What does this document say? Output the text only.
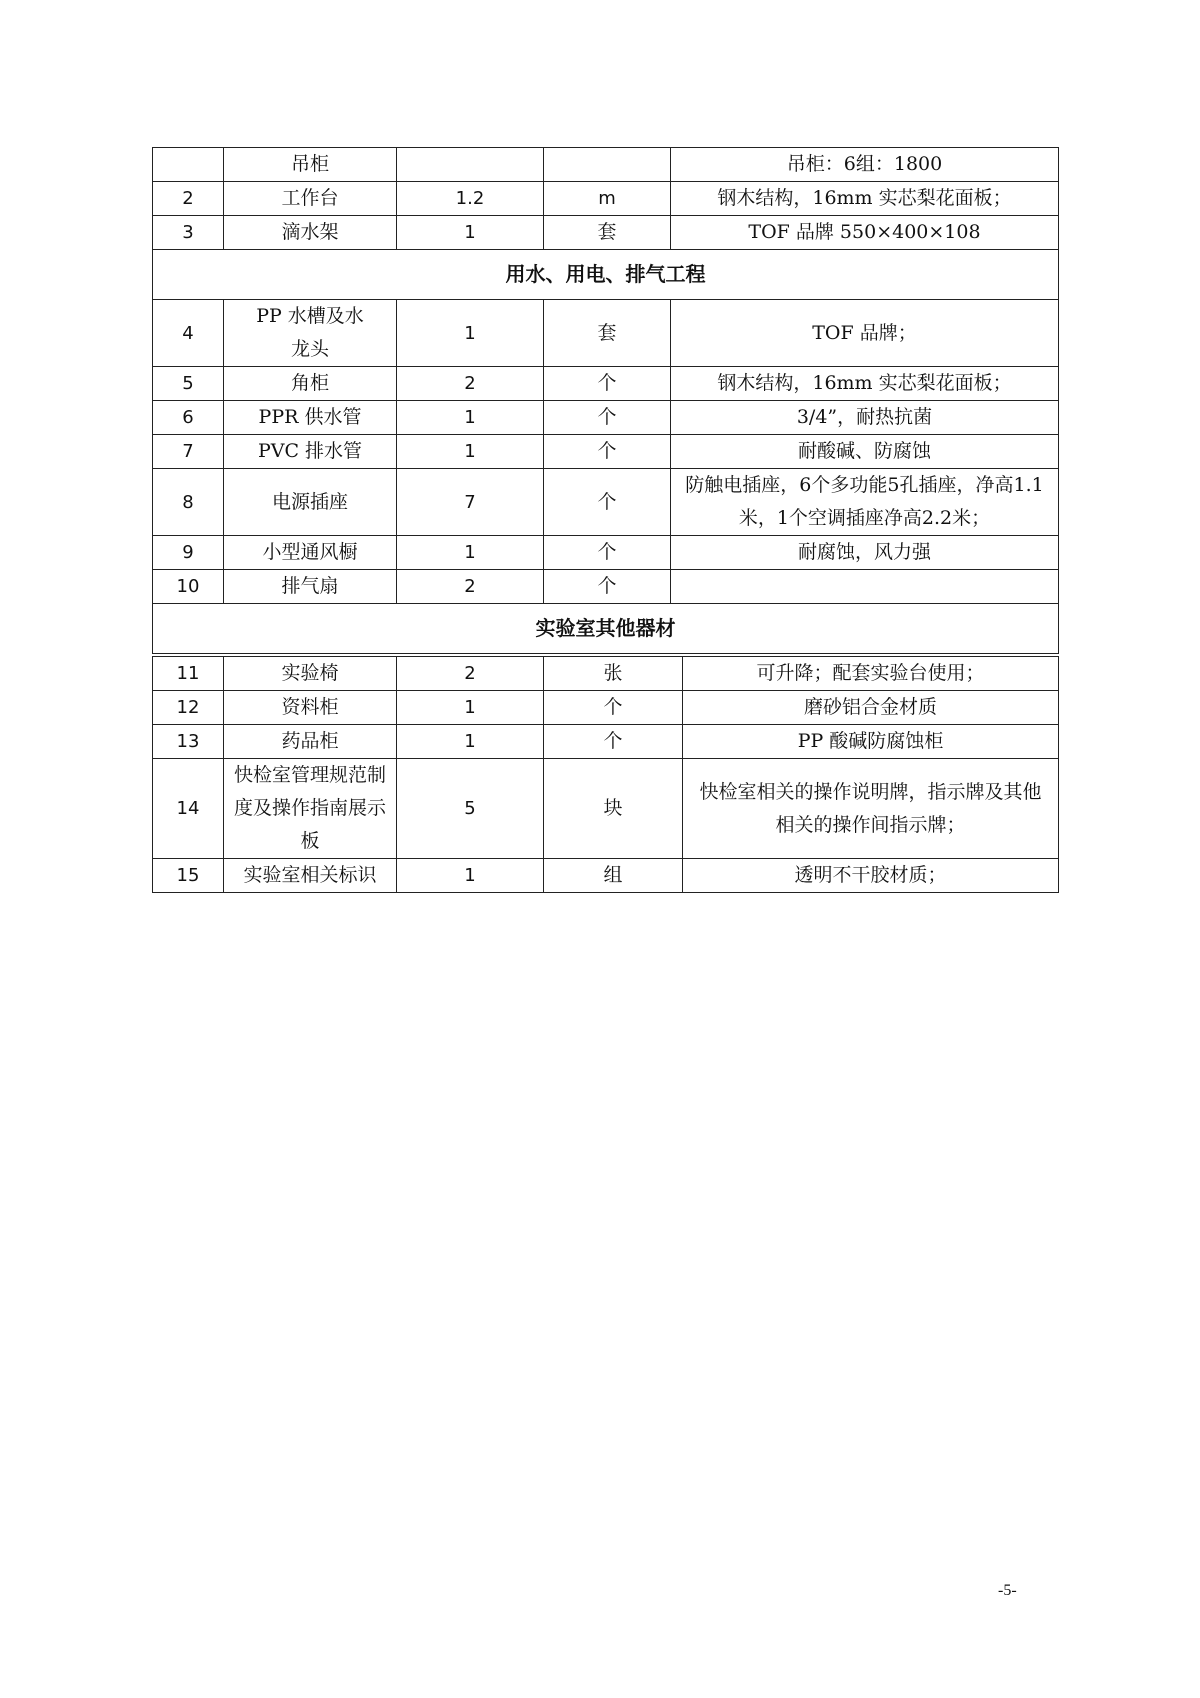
	吊柜			吊柜：6组：1800
2	工作台	1.2	m	钢木结构，16mm 实芯梨花面板；
3	滴水架	1	套	TOF 品牌 550×400×108
用水、用电、排气工程				
4	PP 水槽及水龙头	1	套	TOF 品牌；
5	角柜	2	个	钢木结构，16mm 实芯梨花面板；
6	PPR 供水管	1	个	3/4”，耐热抗菌
7	PVC 排水管	1	个	耐酸碱、防腐蚀
8	电源插座	7	个	防触电插座，6个多功能5孔插座，净高1.1米，1个空调插座净高2.2米；
9	小型通风橱	1	个	耐腐蚀，风力强
10	排气扇	2	个	
实验室其他器材				
11	实验椅	2	张	可升降；配套实验台使用；
12	资料柜	1	个	磨砂铝合金材质
13	药品柜	1	个	PP 酸碱防腐蚀柜
14	快检室管理规范制度及操作指南展示板	5	块	快检室相关的操作说明牌，指示牌及其他相关的操作间指示牌；
15	实验室相关标识	1	组	透明不干胶材质；
-5-
